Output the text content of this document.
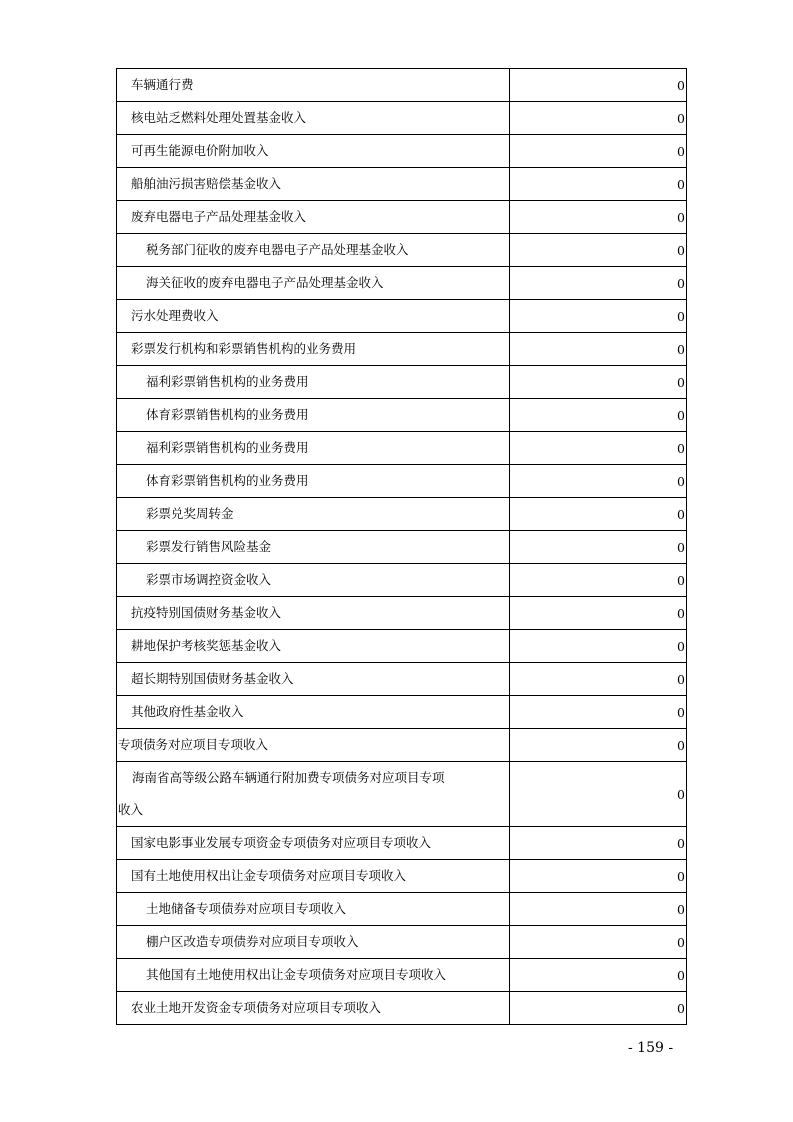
车辆通行费	0
核电站乏燃料处理处置基金收入	0
可再生能源电价附加收入	0
船舶油污损害赔偿基金收入	0
废弃电器电子产品处理基金收入	0
税务部门征收的废弃电器电子产品处理基金收入	0
海关征收的废弃电器电子产品处理基金收入	0
污水处理费收入	0
彩票发行机构和彩票销售机构的业务费用	0
福利彩票销售机构的业务费用	0
体育彩票销售机构的业务费用	0
福利彩票销售机构的业务费用	0
体育彩票销售机构的业务费用	0
彩票兑奖周转金	0
彩票发行销售风险基金	0
彩票市场调控资金收入	0
抗疫特别国债财务基金收入	0
耕地保护考核奖惩基金收入	0
超长期特别国债财务基金收入	0
其他政府性基金收入	0
专项债务对应项目专项收入	0

海南省高等级公路车辆通行附加费专项债务对应项目专项
收入	0
国家电影事业发展专项资金专项债务对应项目专项收入	0
国有土地使用权出让金专项债务对应项目专项收入	0
土地储备专项债券对应项目专项收入	0
棚户区改造专项债券对应项目专项收入	0
其他国有土地使用权出让金专项债务对应项目专项收入	0
农业土地开发资金专项债务对应项目专项收入	0
- 159 -
